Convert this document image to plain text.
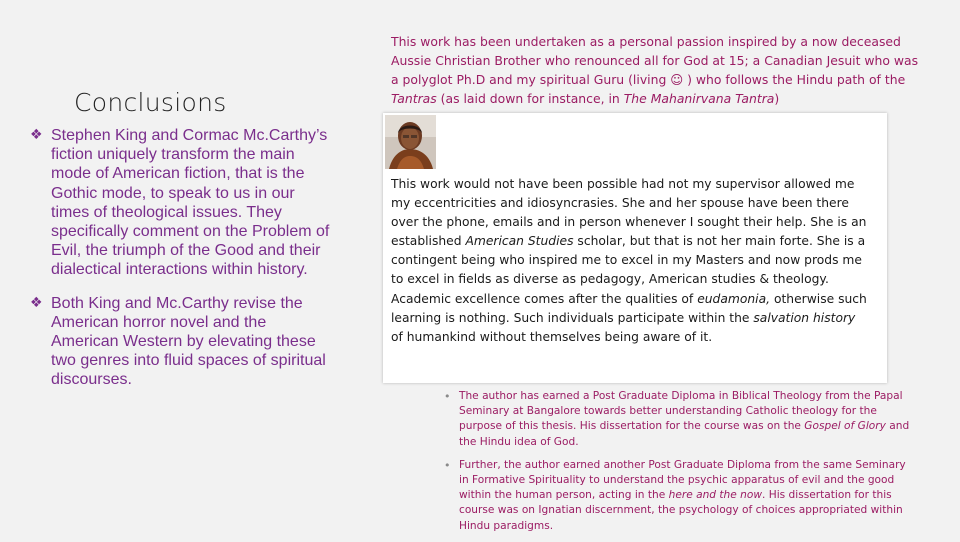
Conclusions
❖ Stephen King and Cormac Mc.Carthy’s fiction uniquely transform the main mode of American fiction, that is the Gothic mode, to speak to us in our times of theological issues. They specifically comment on the Problem of Evil, the triumph of the Good and their dialectical interactions within history.
❖ Both King and Mc.Carthy revise the American horror novel and the American Western by elevating these two genres into fluid spaces of spiritual discourses.
This work has been undertaken as a personal passion inspired by a now deceased Aussie Christian Brother who renounced all for God at 15; a Canadian Jesuit who was a polyglot Ph.D and my spiritual Guru (living ☺ ) who follows the Hindu path of the Tantras (as laid down for instance, in The Mahanirvana Tantra)
This work would not have been possible had not my supervisor allowed me my eccentricities and idiosyncrasies. She and her spouse have been there over the phone, emails and in person whenever I sought their help. She is an established American Studies scholar, but that is not her main forte. She is a contingent being who inspired me to excel in my Masters and now prods me to excel in fields as diverse as pedagogy, American studies & theology. Academic excellence comes after the qualities of eudamonia, otherwise such learning is nothing. Such individuals participate within the salvation history of humankind without themselves being aware of it.
• The author has earned a Post Graduate Diploma in Biblical Theology from the Papal Seminary at Bangalore towards better understanding Catholic theology for the purpose of this thesis. His dissertation for the course was on the Gospel of Glory and the Hindu idea of God.
• Further, the author earned another Post Graduate Diploma from the same Seminary in Formative Spirituality to understand the psychic apparatus of evil and the good within the human person, acting in the here and the now. His dissertation for this course was on Ignatian discernment, the psychology of choices appropriated within Hindu paradigms.
